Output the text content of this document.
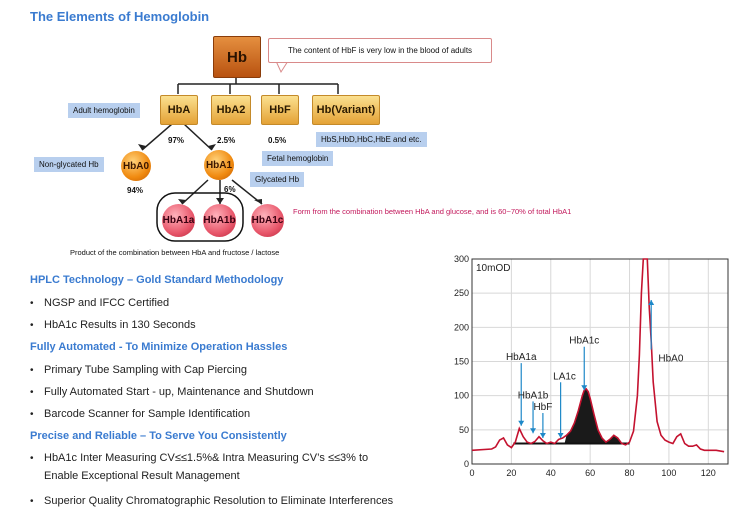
The Elements of Hemoglobin
Hb	The content of HbF is very low in the blood of adults
HbA	HbA2	HbF	Hb(Variant)
Adult hemoglobin
97%	2.5%	0.5%	HbS,HbD,HbC,HbE and etc.
Fetal hemoglobin
Non-glycated Hb	HbA0
94%
HbA1
6%
Glycated Hb
HbA1a HbA1b HbA1c
Form from the combination between HbA and glucose, and is 60~70% of total HbA1
Product of the combination between HbA and fructose / lactose
HPLC Technology – Gold Standard Methodology
• NGSP and IFCC Certified
• HbA1c Results in 130 Seconds
Fully Automated - To Minimize Operation Hassles
• Primary Tube Sampling with Cap Piercing
• Fully Automated Start - up, Maintenance and Shutdown
• Barcode Scanner for Sample Identification
Precise and Reliable – To Serve You Consistently
• HbA1c Inter Measuring CV≤≤1.5%& Intra Measuring CV’s ≤≤3% to
Enable Exceptional Result Management
• Superior Quality Chromatographic Resolution to Eliminate Interferences
0	20	40	60	80	100	120
0
50
100
150
200
250
300
10mOD
HbA1a
HbA1b
HbF
LA1c
HbA1c
HbA0
